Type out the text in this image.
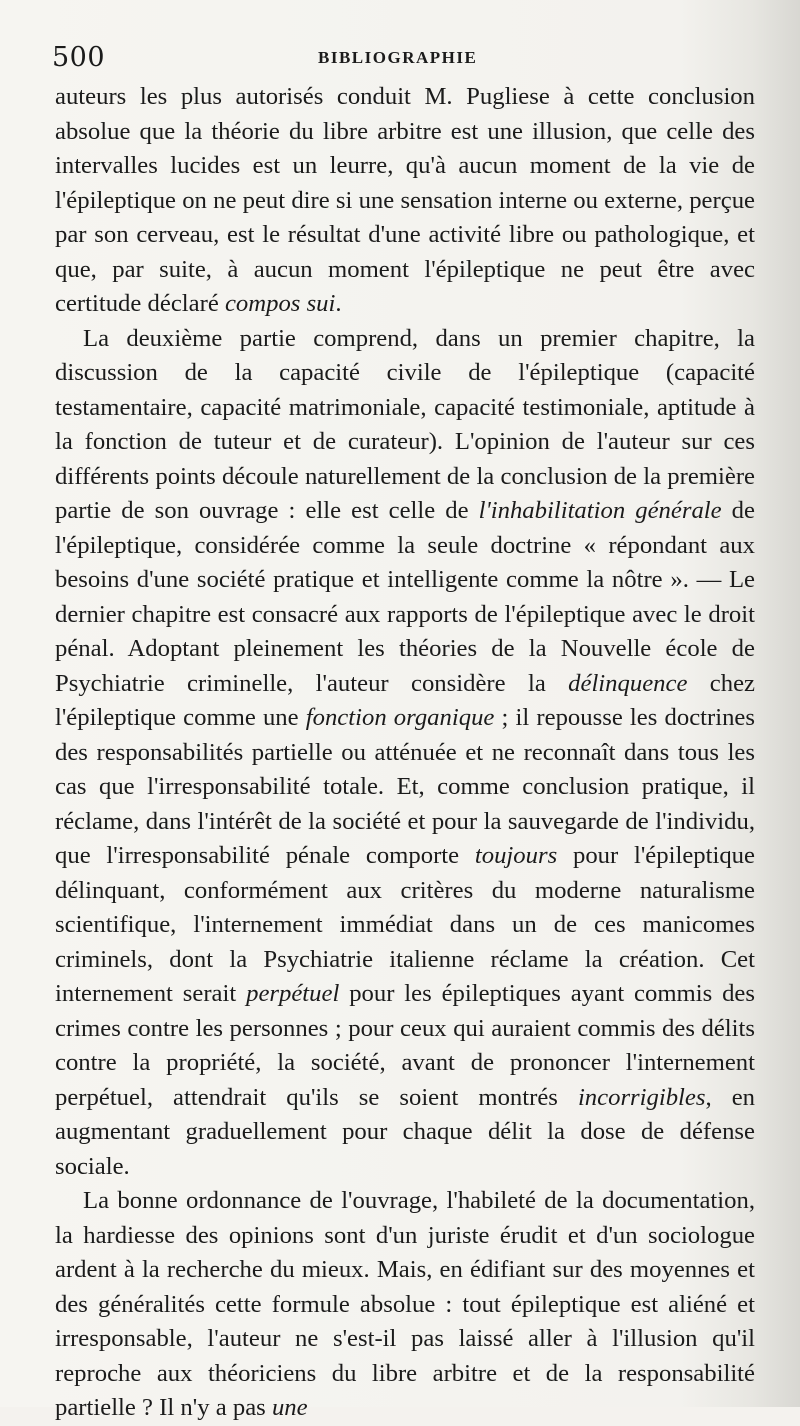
500	BIBLIOGRAPHIE

auteurs les plus autorisés conduit M. Pugliese à cette conclusion absolue que la théorie du libre arbitre est une illusion, que celle des intervalles lucides est un leurre, qu'à aucun moment de la vie de l'épileptique on ne peut dire si une sensation interne ou externe, perçue par son cerveau, est le résultat d'une activité libre ou pathologique, et que, par suite, à aucun moment l'épileptique ne peut être avec certitude déclaré compos sui.

La deuxième partie comprend, dans un premier chapitre, la discussion de la capacité civile de l'épileptique (capacité testamentaire, capacité matrimoniale, capacité testimoniale, aptitude à la fonction de tuteur et de curateur). L'opinion de l'auteur sur ces différents points découle naturellement de la conclusion de la première partie de son ouvrage : elle est celle de l'inhabilitation générale de l'épileptique, considérée comme la seule doctrine « répondant aux besoins d'une société pratique et intelligente comme la nôtre ». — Le dernier chapitre est consacré aux rapports de l'épileptique avec le droit pénal. Adoptant pleinement les théories de la Nouvelle école de Psychiatrie criminelle, l'auteur considère la délinquence chez l'épileptique comme une fonction organique ; il repousse les doctrines des responsabilités partielle ou atténuée et ne reconnaît dans tous les cas que l'irresponsabilité totale. Et, comme conclusion pratique, il réclame, dans l'intérêt de la société et pour la sauvegarde de l'individu, que l'irresponsabilité pénale comporte toujours pour l'épileptique délinquant, conformément aux critères du moderne naturalisme scientifique, l'internement immédiat dans un de ces manicomes criminels, dont la Psychiatrie italienne réclame la création. Cet internement serait perpétuel pour les épileptiques ayant commis des crimes contre les personnes ; pour ceux qui auraient commis des délits contre la propriété, la société, avant de prononcer l'internement perpétuel, attendrait qu'ils se soient montrés incorrigibles, en augmentant graduellement pour chaque délit la dose de défense sociale.

La bonne ordonnance de l'ouvrage, l'habileté de la documentation, la hardiesse des opinions sont d'un juriste érudit et d'un sociologue ardent à la recherche du mieux. Mais, en édifiant sur des moyennes et des généralités cette formule absolue : tout épileptique est aliéné et irresponsable, l'auteur ne s'est-il pas laissé aller à l'illusion qu'il reproche aux théoriciens du libre arbitre et de la responsabilité partielle ? Il n'y a pas une
